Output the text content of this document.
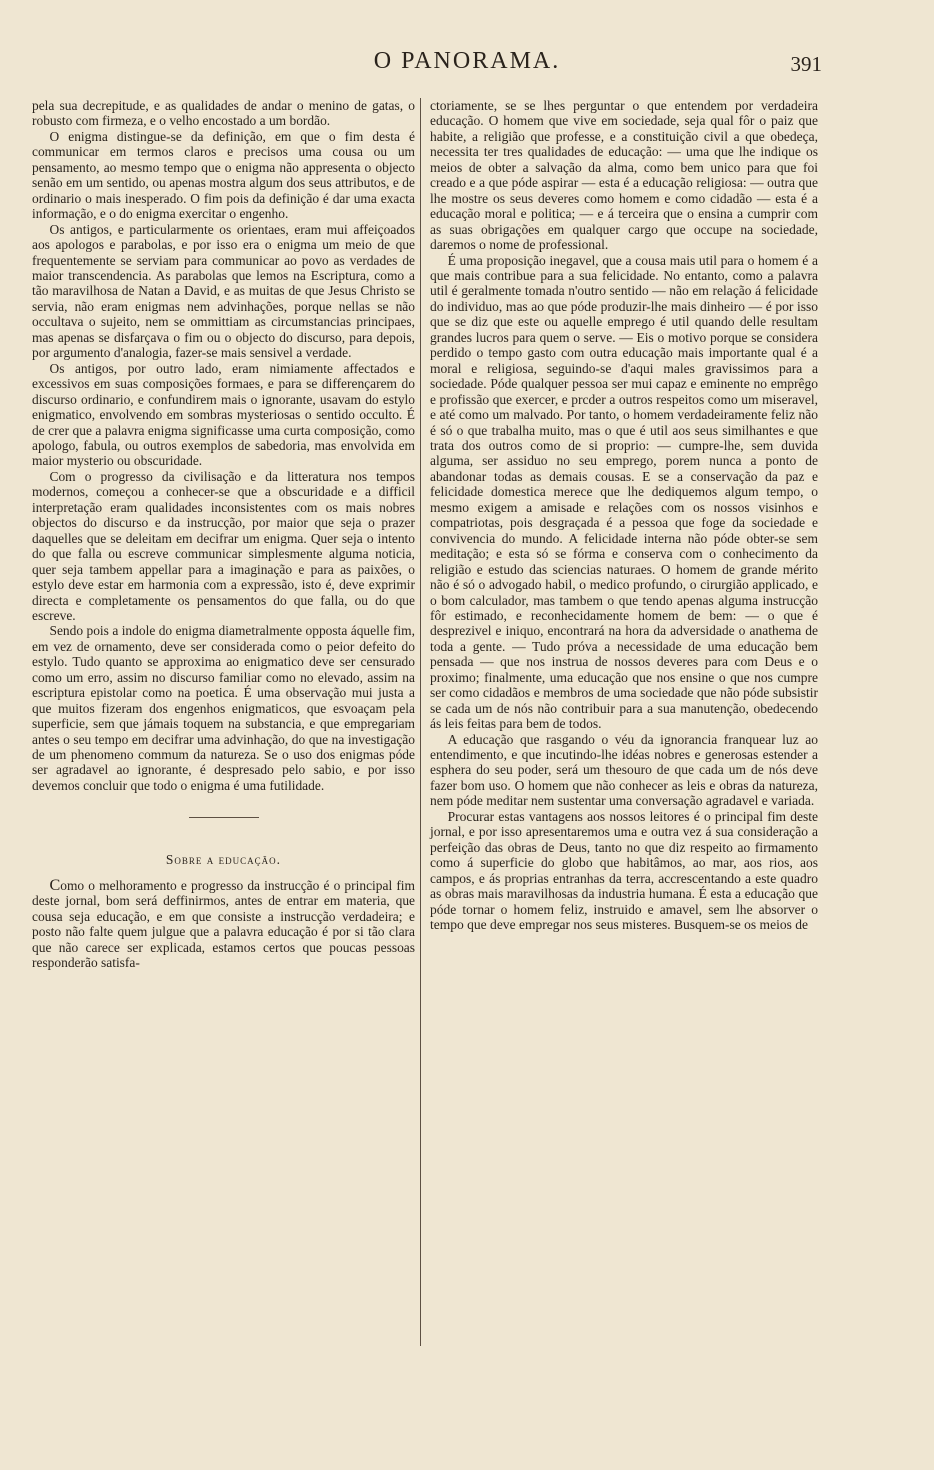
O PANORAMA.	391

pela sua decrepitude, e as qualidades de andar o menino de gatas, o robusto com firmeza, e o velho encostado a um bordão.

O enigma distingue-se da definição, em que o fim desta é communicar em termos claros e precisos uma cousa ou um pensamento, ao mesmo tempo que o enigma não appresenta o objecto senão em um sentido, ou apenas mostra algum dos seus attributos, e de ordinario o mais inesperado. O fim pois da definição é dar uma exacta informação, e o do enigma exercitar o engenho.

Os antigos, e particularmente os orientaes, eram mui affeiçoados aos apologos e parabolas, e por isso era o enigma um meio de que frequentemente se serviam para communicar ao povo as verdades de maior transcendencia. As parabolas que lemos na Escriptura, como a tão maravilhosa de Natan a David, e as muitas de que Jesus Christo se servia, não eram enigmas nem advinhações, porque nellas se não occultava o sujeito, nem se ommittiam as circumstancias principaes, mas apenas se disfarçava o fim ou o objecto do discurso, para depois, por argumento d'analogia, fazer-se mais sensivel a verdade.

Os antigos, por outro lado, eram nimiamente affectados e excessivos em suas composições formaes, e para se differençarem do discurso ordinario, e confundirem mais o ignorante, usavam do estylo enigmatico, envolvendo em sombras mysteriosas o sentido occulto. É de crer que a palavra enigma significasse uma curta composição, como apologo, fabula, ou outros exemplos de sabedoria, mas envolvida em maior mysterio ou obscuridade.

Com o progresso da civilisação e da litteratura nos tempos modernos, começou a conhecer-se que a obscuridade e a difficil interpretação eram qualidades inconsistentes com os mais nobres objectos do discurso e da instrucção, por maior que seja o prazer daquelles que se deleitam em decifrar um enigma. Quer seja o intento do que falla ou escreve communicar simplesmente alguma noticia, quer seja tambem appellar para a imaginação e para as paixões, o estylo deve estar em harmonia com a expressão, isto é, deve exprimir directa e completamente os pensamentos do que falla, ou do que escreve.

Sendo pois a indole do enigma diametralmente opposta áquelle fim, em vez de ornamento, deve ser considerada como o peior defeito do estylo. Tudo quanto se approxima ao enigmatico deve ser censurado como um erro, assim no discurso familiar como no elevado, assim na escriptura epistolar como na poetica. É uma observação mui justa a que muitos fizeram dos engenhos enigmaticos, que esvoaçam pela superficie, sem que jámais toquem na substancia, e que empregariam antes o seu tempo em decifrar uma advinhação, do que na investigação de um phenomeno commum da natureza. Se o uso dos enigmas póde ser agradavel ao ignorante, é despresado pelo sabio, e por isso devemos concluir que todo o enigma é uma futilidade.

Sobre a educação.

Como o melhoramento e progresso da instrucção é o principal fim deste jornal, bom será deffinirmos, antes de entrar em materia, que cousa seja educação, e em que consiste a instrucção verdadeira; e posto não falte quem julgue que a palavra educação é por si tão clara que não carece ser explicada, estamos certos que poucas pessoas responderão satisfa-

ctoriamente, se se lhes perguntar o que entendem por verdadeira educação. O homem que vive em sociedade, seja qual fôr o paiz que habite, a religião que professe, e a constituição civil a que obedeça, necessita ter tres qualidades de educação: — uma que lhe indique os meios de obter a salvação da alma, como bem unico para que foi creado e a que póde aspirar — esta é a educação religiosa: — outra que lhe mostre os seus deveres como homem e como cidadão — esta é a educação moral e politica; — e á terceira que o ensina a cumprir com as suas obrigações em qualquer cargo que occupe na sociedade, daremos o nome de professional.

É uma proposição inegavel, que a cousa mais util para o homem é a que mais contribue para a sua felicidade. No entanto, como a palavra util é geralmente tomada n'outro sentido — não em relação á felicidade do individuo, mas ao que póde produzir-lhe mais dinheiro — é por isso que se diz que este ou aquelle emprego é util quando delle resultam grandes lucros para quem o serve. — Eis o motivo porque se considera perdido o tempo gasto com outra educação mais importante qual é a moral e religiosa, seguindo-se d'aqui males gravissimos para a sociedade. Póde qualquer pessoa ser mui capaz e eminente no emprêgo e profissão que exercer, e prcder a outros respeitos como um miseravel, e até como um malvado. Por tanto, o homem verdadeiramente feliz não é só o que trabalha muito, mas o que é util aos seus similhantes e que trata dos outros como de si proprio: — cumpre-lhe, sem duvida alguma, ser assiduo no seu emprego, porem nunca a ponto de abandonar todas as demais cousas. E se a conservação da paz e felicidade domestica merece que lhe dediquemos algum tempo, o mesmo exigem a amisade e relações com os nossos visinhos e compatriotas, pois desgraçada é a pessoa que foge da sociedade e convivencia do mundo. A felicidade interna não póde obter-se sem meditação; e esta só se fórma e conserva com o conhecimento da religião e estudo das sciencias naturaes. O homem de grande mérito não é só o advogado habil, o medico profundo, o cirurgião applicado, e o bom calculador, mas tambem o que tendo apenas alguma instrucção fôr estimado, e reconhecidamente homem de bem: — o que é desprezivel e iniquo, encontrará na hora da adversidade o anathema de toda a gente. — Tudo próva a necessidade de uma educação bem pensada — que nos instrua de nossos deveres para com Deus e o proximo; finalmente, uma educação que nos ensine o que nos cumpre ser como cidadãos e membros de uma sociedade que não póde subsistir se cada um de nós não contribuir para a sua manutenção, obedecendo ás leis feitas para bem de todos.

A educação que rasgando o véu da ignorancia franquear luz ao entendimento, e que incutindo-lhe idéas nobres e generosas estender a esphera do seu poder, será um thesouro de que cada um de nós deve fazer bom uso. O homem que não conhecer as leis e obras da natureza, nem póde meditar nem sustentar uma conversação agradavel e variada.

Procurar estas vantagens aos nossos leitores é o principal fim deste jornal, e por isso apresentaremos uma e outra vez á sua consideração a perfeição das obras de Deus, tanto no que diz respeito ao firmamento como á superficie do globo que habitâmos, ao mar, aos rios, aos campos, e ás proprias entranhas da terra, accrescentando a este quadro as obras mais maravilhosas da industria humana. É esta a educação que póde tornar o homem feliz, instruido e amavel, sem lhe absorver o tempo que deve empregar nos seus misteres. Busquem-se os meios de
